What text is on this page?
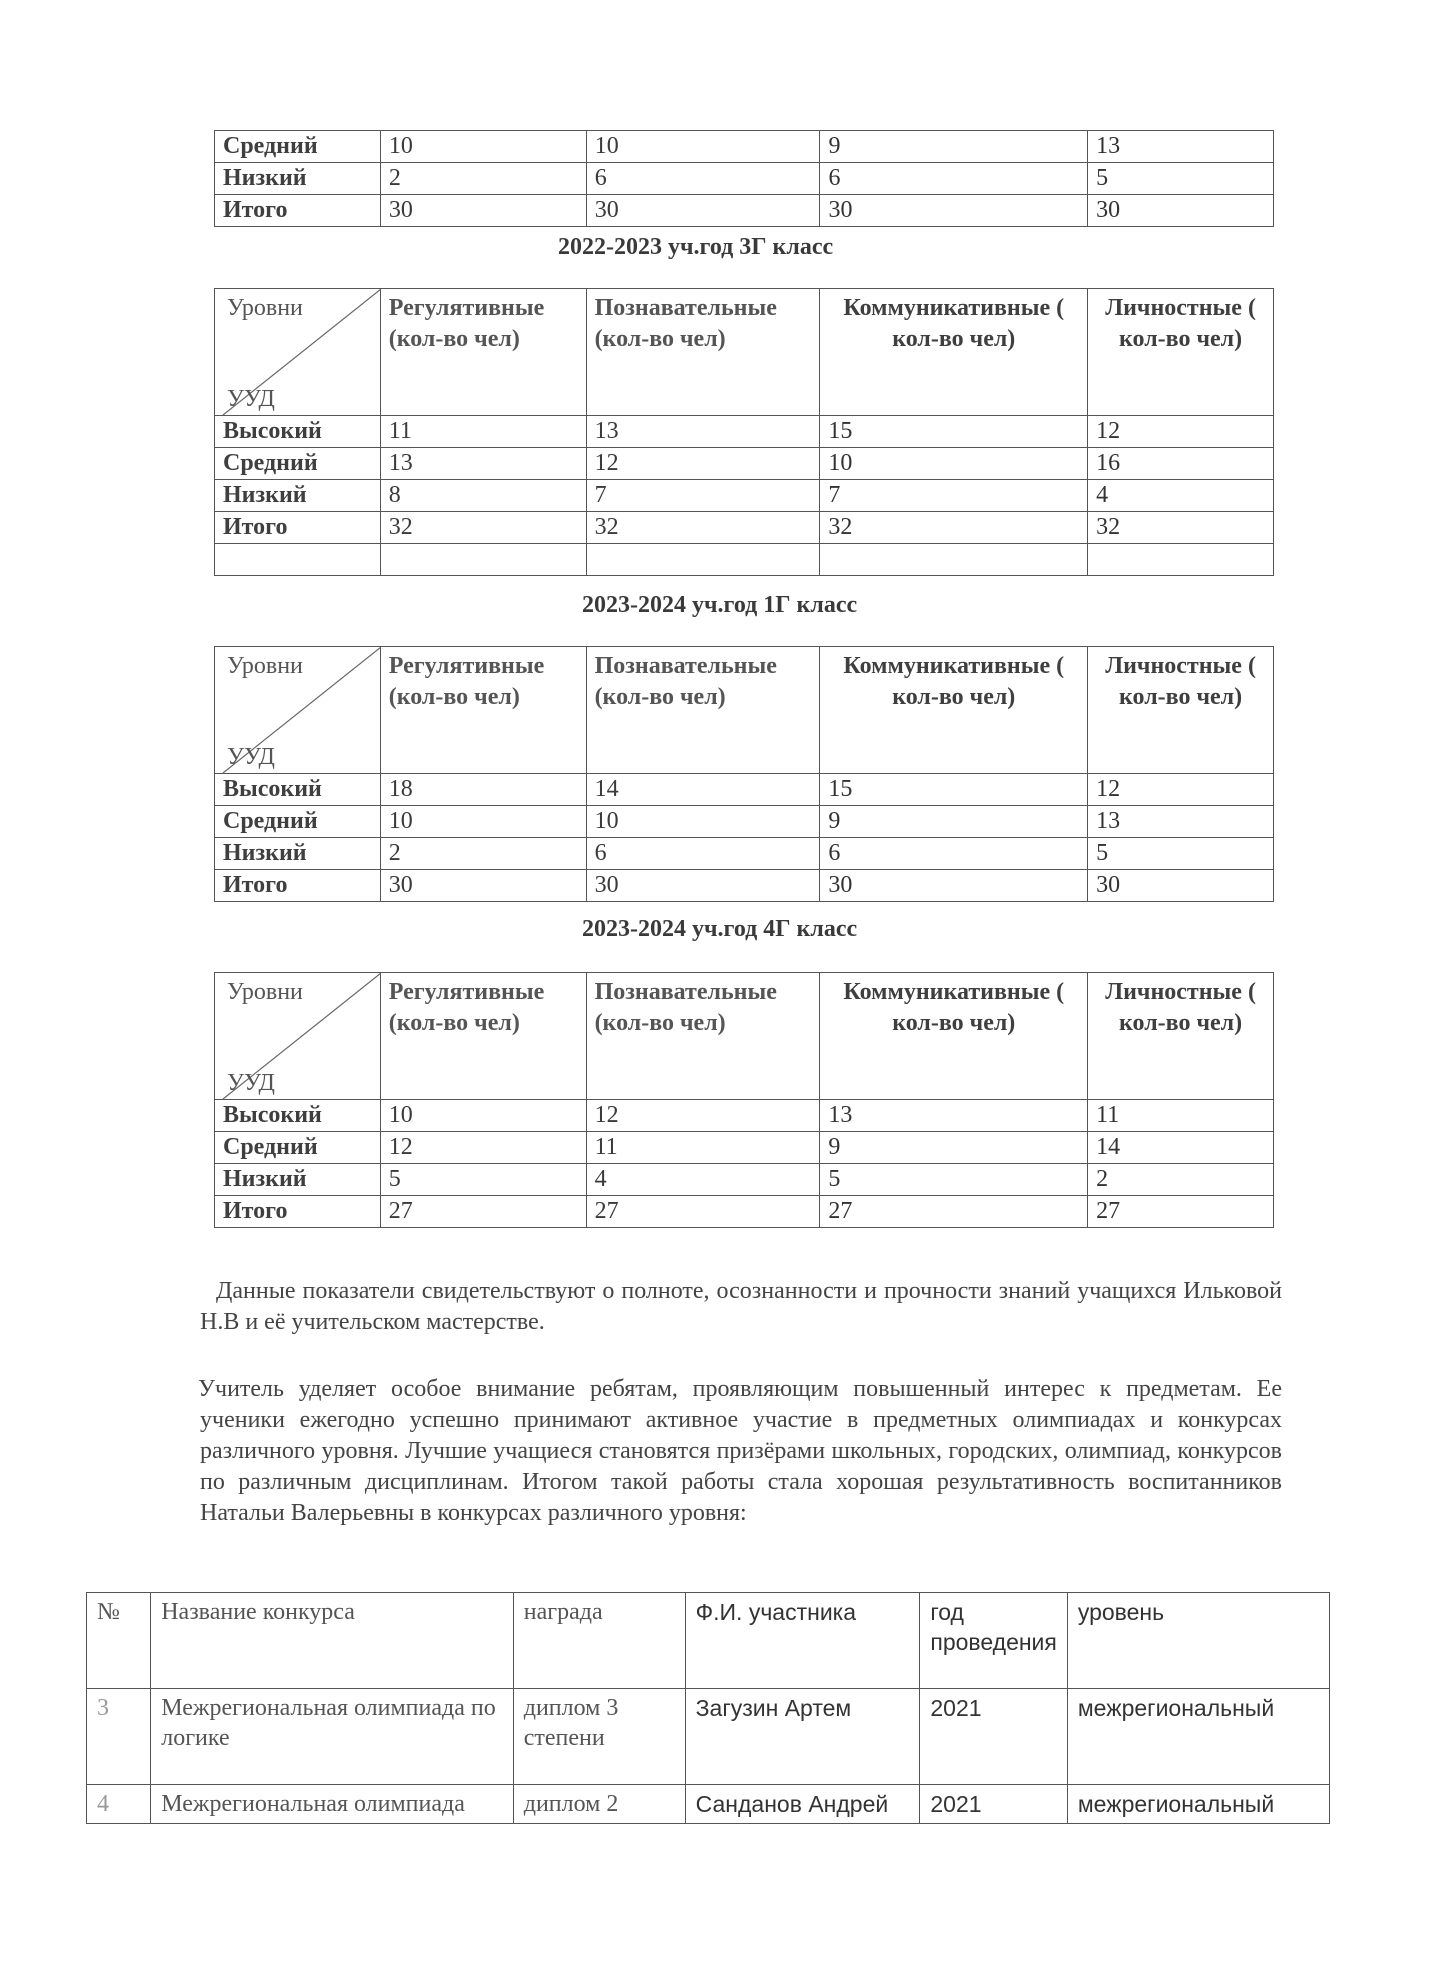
Средний	10	10	9	13
Низкий	2	6	6	5
Итого	30	30	30	30
2022-2023 уч.год 3Г класс
Уровни
УУД	Регулятивные (кол-во чел)	Познавательные (кол-во чел)	Коммуникативные ( кол-во чел)	Личностные ( кол-во чел)
Высокий	11	13	15	12
Средний	13	12	10	16
Низкий	8	7	7	4
Итого	32	32	32	32

2023-2024 уч.год 1Г класс
Уровни
УУД	Регулятивные (кол-во чел)	Познавательные (кол-во чел)	Коммуникативные ( кол-во чел)	Личностные ( кол-во чел)
Высокий	18	14	15	12
Средний	10	10	9	13
Низкий	2	6	6	5
Итого	30	30	30	30
2023-2024 уч.год 4Г класс
Уровни
УУД	Регулятивные (кол-во чел)	Познавательные (кол-во чел)	Коммуникативные ( кол-во чел)	Личностные ( кол-во чел)
Высокий	10	12	13	11
Средний	12	11	9	14
Низкий	5	4	5	2
Итого	27	27	27	27

Данные показатели свидетельствуют о полноте, осознанности и прочности знаний учащихся Ильковой Н.В и её учительском мастерстве.

Учитель уделяет особое внимание ребятам, проявляющим повышенный интерес к предметам. Ее ученики ежегодно успешно принимают активное участие в предметных олимпиадах и конкурсах различного уровня. Лучшие учащиеся становятся призёрами школьных, городских, олимпиад, конкурсов по различным дисциплинам. Итогом такой работы стала хорошая результативность воспитанников Натальи Валерьевны в конкурсах различного уровня:

№	Название конкурса	награда	Ф.И. участника	год проведения	уровень
3	Межрегиональная олимпиада по логике	диплом 3 степени	Загузин Артем	2021	межрегиональный
4	Межрегиональная олимпиада	диплом 2	Санданов Андрей	2021	межрегиональный
